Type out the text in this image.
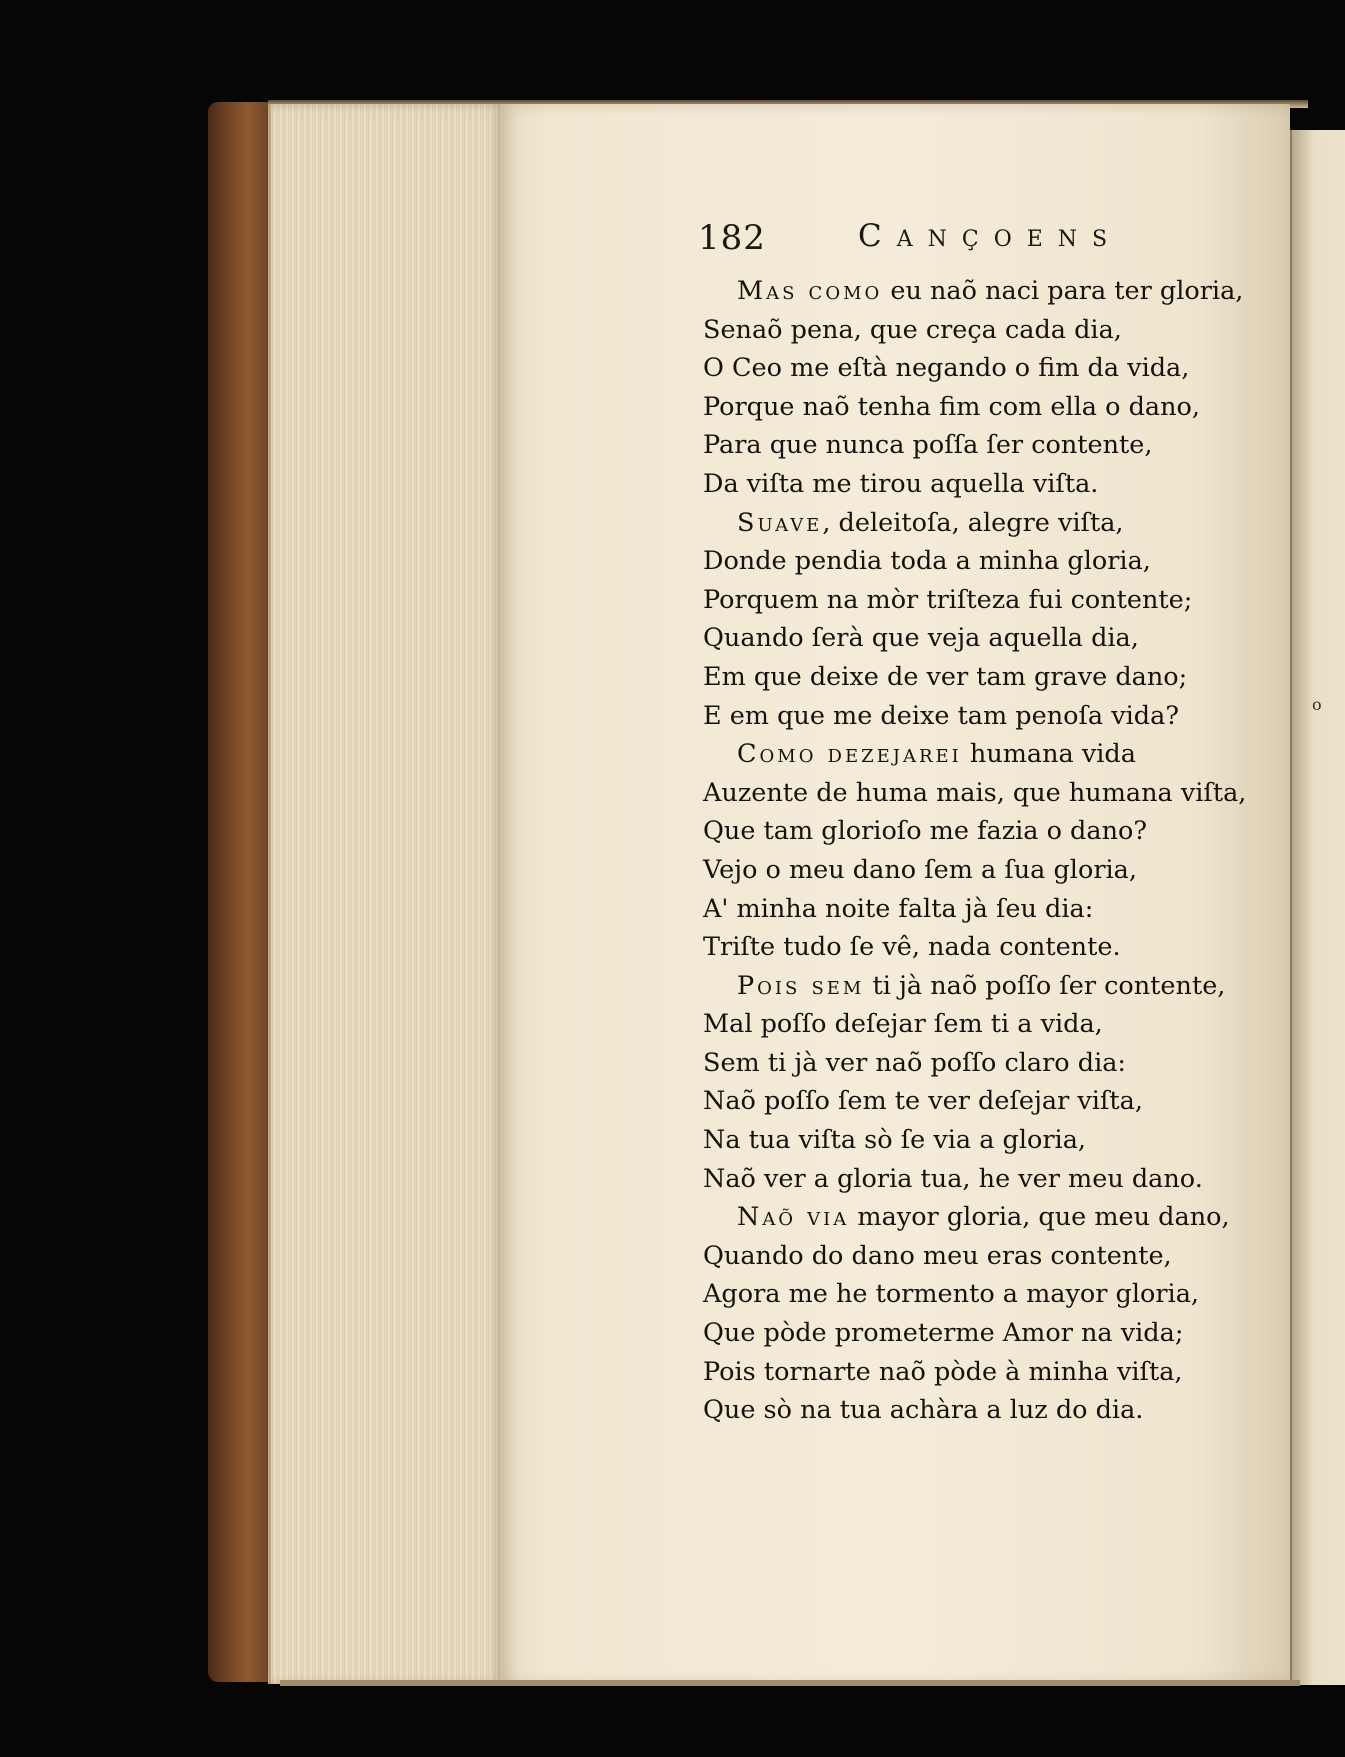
o
182	Cançoens
Mas como eu naõ naci para ter gloria,
Senaõ pena, que creça cada dia,
O Ceo me eſtà negando o fim da vida,
Porque naõ tenha fim com ella o dano,
Para que nunca poſſa ſer contente,
Da viſta me tirou aquella viſta.
Suave, deleitoſa, alegre viſta,
Donde pendia toda a minha gloria,
Porquem na mòr triſteza fui contente;
Quando ſerà que veja aquella dia,
Em que deixe de ver tam grave dano;
E em que me deixe tam penoſa vida?
Como dezejarei humana vida
Auzente de huma mais, que humana viſta,
Que tam glorioſo me fazia o dano?
Vejo o meu dano ſem a ſua gloria,
A' minha noite falta jà ſeu dia:
Triſte tudo ſe vê, nada contente.
Pois sem ti jà naõ poſſo ſer contente,
Mal poſſo deſejar ſem ti a vida,
Sem ti jà ver naõ poſſo claro dia:
Naõ poſſo ſem te ver deſejar viſta,
Na tua viſta sò ſe via a gloria,
Naõ ver a gloria tua, he ver meu dano.
Naõ via mayor gloria, que meu dano,
Quando do dano meu eras contente,
Agora me he tormento a mayor gloria,
Que pòde prometerme Amor na vida;
Pois tornarte naõ pòde à minha viſta,
Que sò na tua achàra a luz do dia.
